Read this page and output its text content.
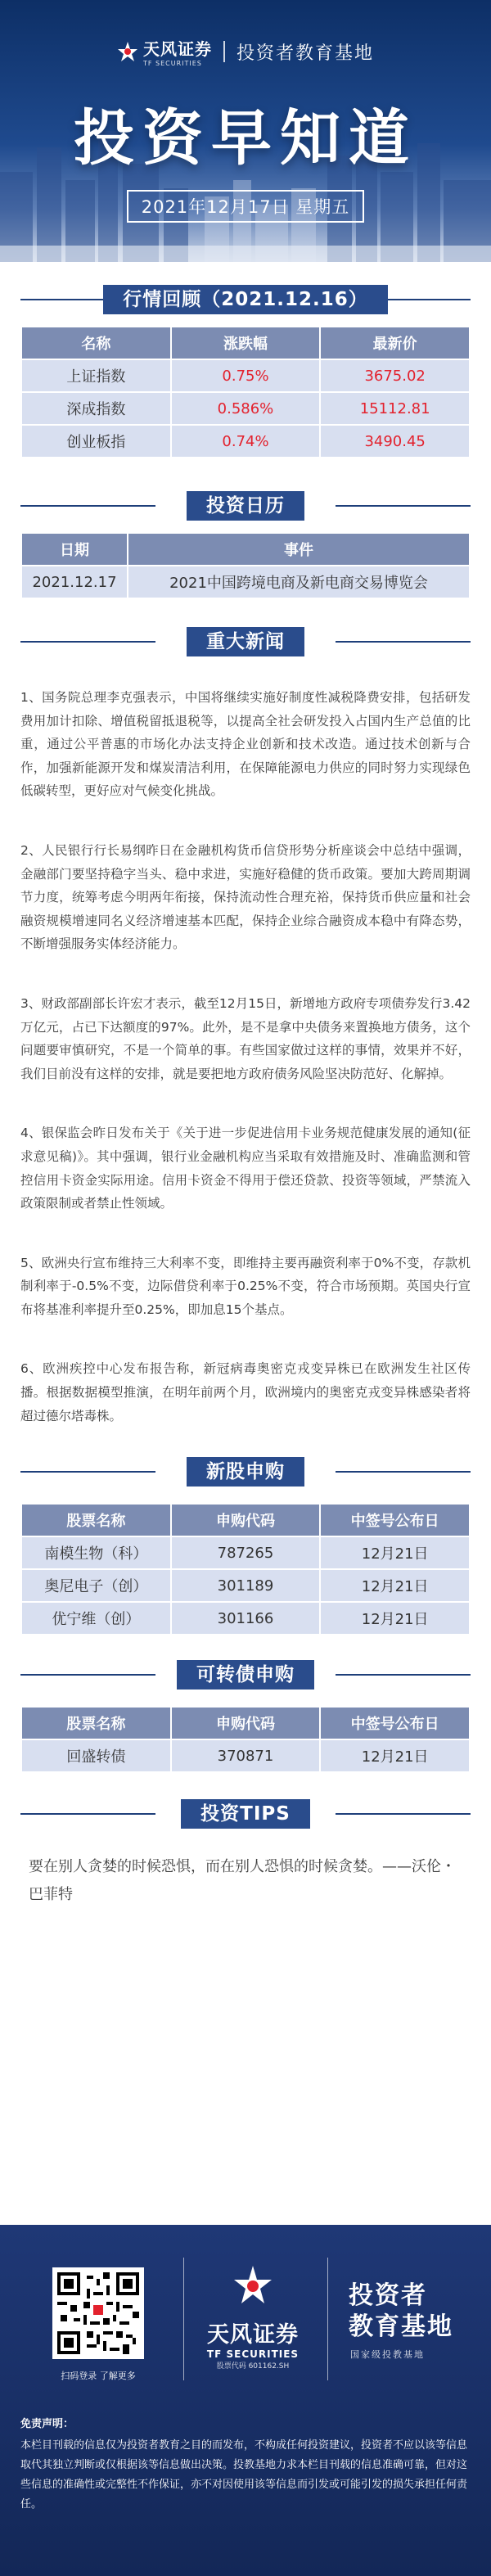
天风证券
TF SECURITIES	投资者教育基地
投资早知道
2021年12月17日 星期五
行情回顾（2021.12.16）
名称	涨跌幅	最新价
上证指数	0.75%	3675.02
深成指数	0.586%	15112.81
创业板指	0.74%	3490.45
投资日历
日期	事件
2021.12.17	2021中国跨境电商及新电商交易博览会
重大新闻

1、国务院总理李克强表示，中国将继续实施好制度性减税降费安排，包括研发费用加计扣除、增值税留抵退税等，以提高全社会研发投入占国内生产总值的比重，通过公平普惠的市场化办法支持企业创新和技术改造。通过技术创新与合作，加强新能源开发和煤炭清洁利用，在保障能源电力供应的同时努力实现绿色低碳转型，更好应对气候变化挑战。

2、人民银行行长易纲昨日在金融机构货币信贷形势分析座谈会中总结中强调，金融部门要坚持稳字当头、稳中求进，实施好稳健的货币政策。要加大跨周期调节力度，统筹考虑今明两年衔接，保持流动性合理充裕，保持货币供应量和社会融资规模增速同名义经济增速基本匹配，保持企业综合融资成本稳中有降态势，不断增强服务实体经济能力。

3、财政部副部长许宏才表示，截至12月15日，新增地方政府专项债券发行3.42万亿元，占已下达额度的97%。此外，是不是拿中央债务来置换地方债务，这个问题要审慎研究，不是一个简单的事。有些国家做过这样的事情，效果并不好，我们目前没有这样的安排，就是要把地方政府债务风险坚决防范好、化解掉。

4、银保监会昨日发布关于《关于进一步促进信用卡业务规范健康发展的通知(征求意见稿)》。其中强调，银行业金融机构应当采取有效措施及时、准确监测和管控信用卡资金实际用途。信用卡资金不得用于偿还贷款、投资等领域，严禁流入政策限制或者禁止性领域。

5、欧洲央行宣布维持三大利率不变，即维持主要再融资利率于0%不变，存款机制利率于-0.5%不变，边际借贷利率于0.25%不变，符合市场预期。英国央行宣布将基准利率提升至0.25%，即加息15个基点。

6、欧洲疾控中心发布报告称，新冠病毒奥密克戎变异株已在欧洲发生社区传播。根据数据模型推演，在明年前两个月，欧洲境内的奥密克戎变异株感染者将超过德尔塔毒株。

新股申购
股票名称	申购代码	中签号公布日
南模生物（科）	787265	12月21日
奥尼电子（创）	301189	12月21日
优宁维（创）	301166	12月21日
可转债申购
股票名称	申购代码	中签号公布日
回盛转债	370871	12月21日
投资TIPS
要在别人贪婪的时候恐惧，而在别人恐惧的时候贪婪。——沃伦・巴菲特
扫码登录 了解更多
天风证券
TF SECURITIES
股票代码 601162.SH
投资者
教育基地
国家级投教基地
免责声明：
本栏目刊载的信息仅为投资者教育之目的而发布，不构成任何投资建议，投资者不应以该等信息取代其独立判断或仅根据该等信息做出决策。投教基地力求本栏目刊载的信息准确可靠，但对这些信息的准确性或完整性不作保证，亦不对因使用该等信息而引发或可能引发的损失承担任何责任。
